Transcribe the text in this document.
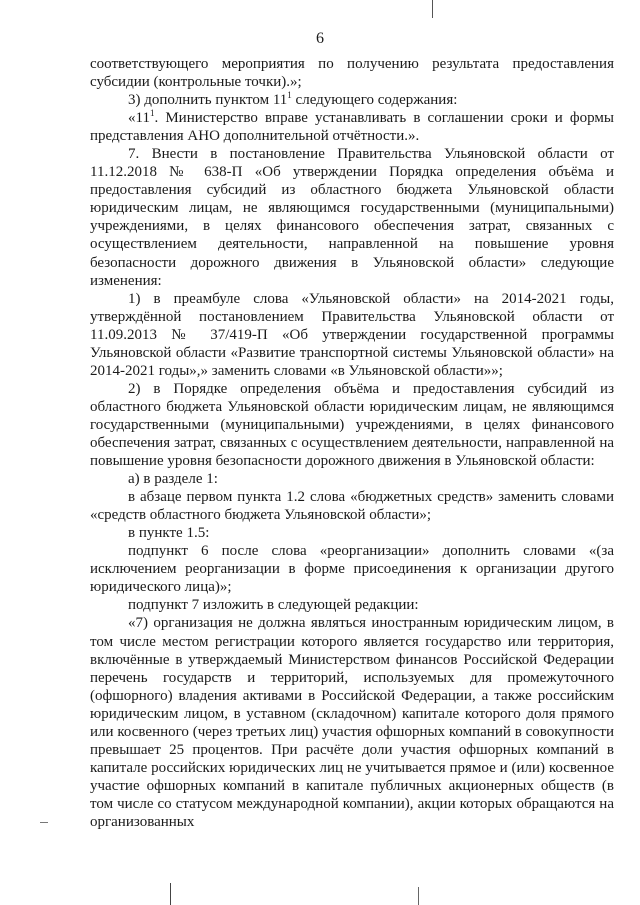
6

соответствующего мероприятия по получению результата предоставления субсидии (контрольные точки).»;

3) дополнить пунктом $11^1$ следующего содержания:

«$11^1$. Министерство вправе устанавливать в соглашении сроки и формы представления АНО дополнительной отчётности.».

7. Внести в постановление Правительства Ульяновской области от 11.12.2018 № 638-П «Об утверждении Порядка определения объёма и предоставления субсидий из областного бюджета Ульяновской области юридическим лицам, не являющимся государственными (муниципальными) учреждениями, в целях финансового обеспечения затрат, связанных с осуществлением деятельности, направленной на повышение уровня безопасности дорожного движения в Ульяновской области» следующие изменения:

1) в преамбуле слова «Ульяновской области» на 2014-2021 годы, утверждённой постановлением Правительства Ульяновской области от 11.09.2013 № 37/419-П «Об утверждении государственной программы Ульяновской области «Развитие транспортной системы Ульяновской области» на 2014-2021 годы»,» заменить словами «в Ульяновской области»»;

2) в Порядке определения объёма и предоставления субсидий из областного бюджета Ульяновской области юридическим лицам, не являющимся государственными (муниципальными) учреждениями, в целях финансового обеспечения затрат, связанных с осуществлением деятельности, направленной на повышение уровня безопасности дорожного движения в Ульяновской области:

а) в разделе 1:

в абзаце первом пункта 1.2 слова «бюджетных средств» заменить словами «средств областного бюджета Ульяновской области»;

в пункте 1.5:

подпункт 6 после слова «реорганизации» дополнить словами «(за исключением реорганизации в форме присоединения к организации другого юридического лица)»;

подпункт 7 изложить в следующей редакции:

«7) организация не должна являться иностранным юридическим лицом, в том числе местом регистрации которого является государство или территория, включённые в утверждаемый Министерством финансов Российской Федерации перечень государств и территорий, используемых для промежуточного (офшорного) владения активами в Российской Федерации, а также российским юридическим лицом, в уставном (складочном) капитале которого доля прямого или косвенного (через третьих лиц) участия офшорных компаний в совокупности превышает 25 процентов. При расчёте доли участия офшорных компаний в капитале российских юридических лиц не учитывается прямое и (или) косвенное участие офшорных компаний в капитале публичных акционерных обществ (в том числе со статусом международной компании), акции которых обращаются на организованных
